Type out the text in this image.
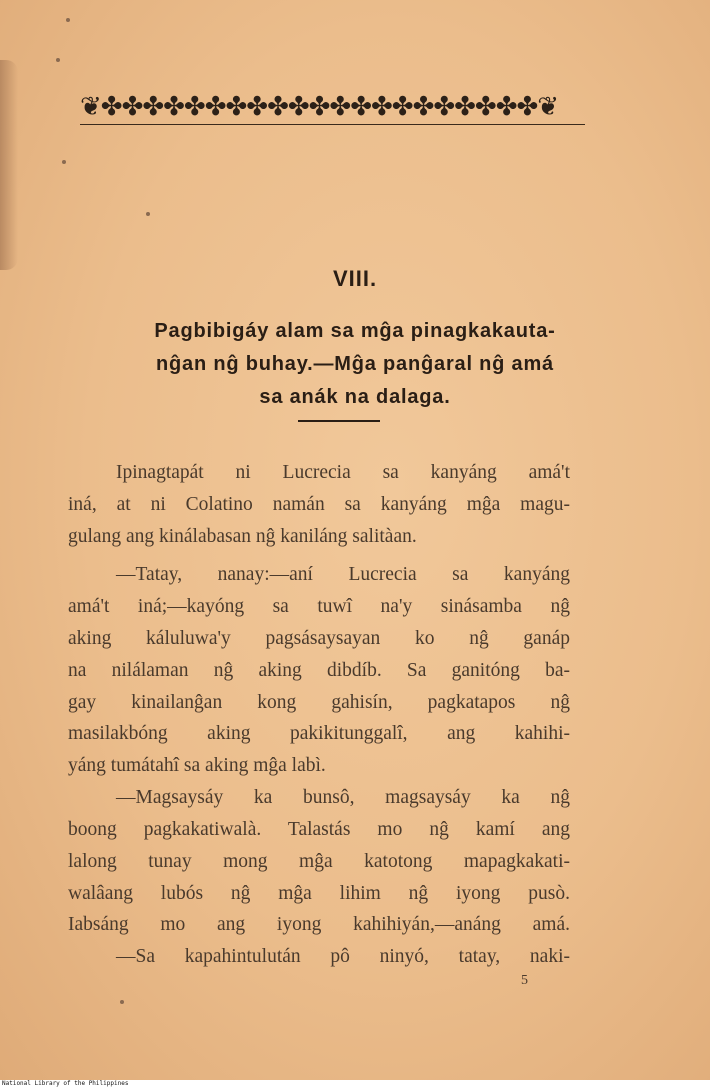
❦✤✤✤✤✤✤✤✤✤✤✤✤✤✤✤✤✤✤✤✤✤❦
VIII.
Pagbibigáy alam sa mĝa pinagkakauta-
nĝan nĝ buhay.—Mĝa panĝaral nĝ amá
sa anák na dalaga.
Ipinagtapát ni Lucrecia sa kanyáng amá't
iná, at ni Colatino namán sa kanyáng mĝa magu-
gulang ang kinálabasan nĝ kaniláng salitàan.
—Tatay, nanay:—aní Lucrecia sa kanyáng
amá't iná;—kayóng sa tuwî na'y sinásamba nĝ
aking káluluwa'y pagsásaysayan ko nĝ ganáp
na nilálaman nĝ aking dibdíb. Sa ganitóng ba-
gay kinailanĝan kong gahisín, pagkatapos nĝ
masilakbóng aking pakikitunggalî, ang kahihi-
yáng tumátahî sa aking mĝa labì.
—Magsaysáy ka bunsô, magsaysáy ka nĝ
boong pagkakatiwalà. Talastás mo nĝ kamí ang
lalong tunay mong mĝa katotong mapagkakati-
walâang lubós nĝ mĝa lihim nĝ iyong pusò.
Iabsáng mo ang iyong kahihiyán,—anáng amá.
—Sa kapahintulután pô ninyó, tatay, naki-
5
National Library of the Philippines
